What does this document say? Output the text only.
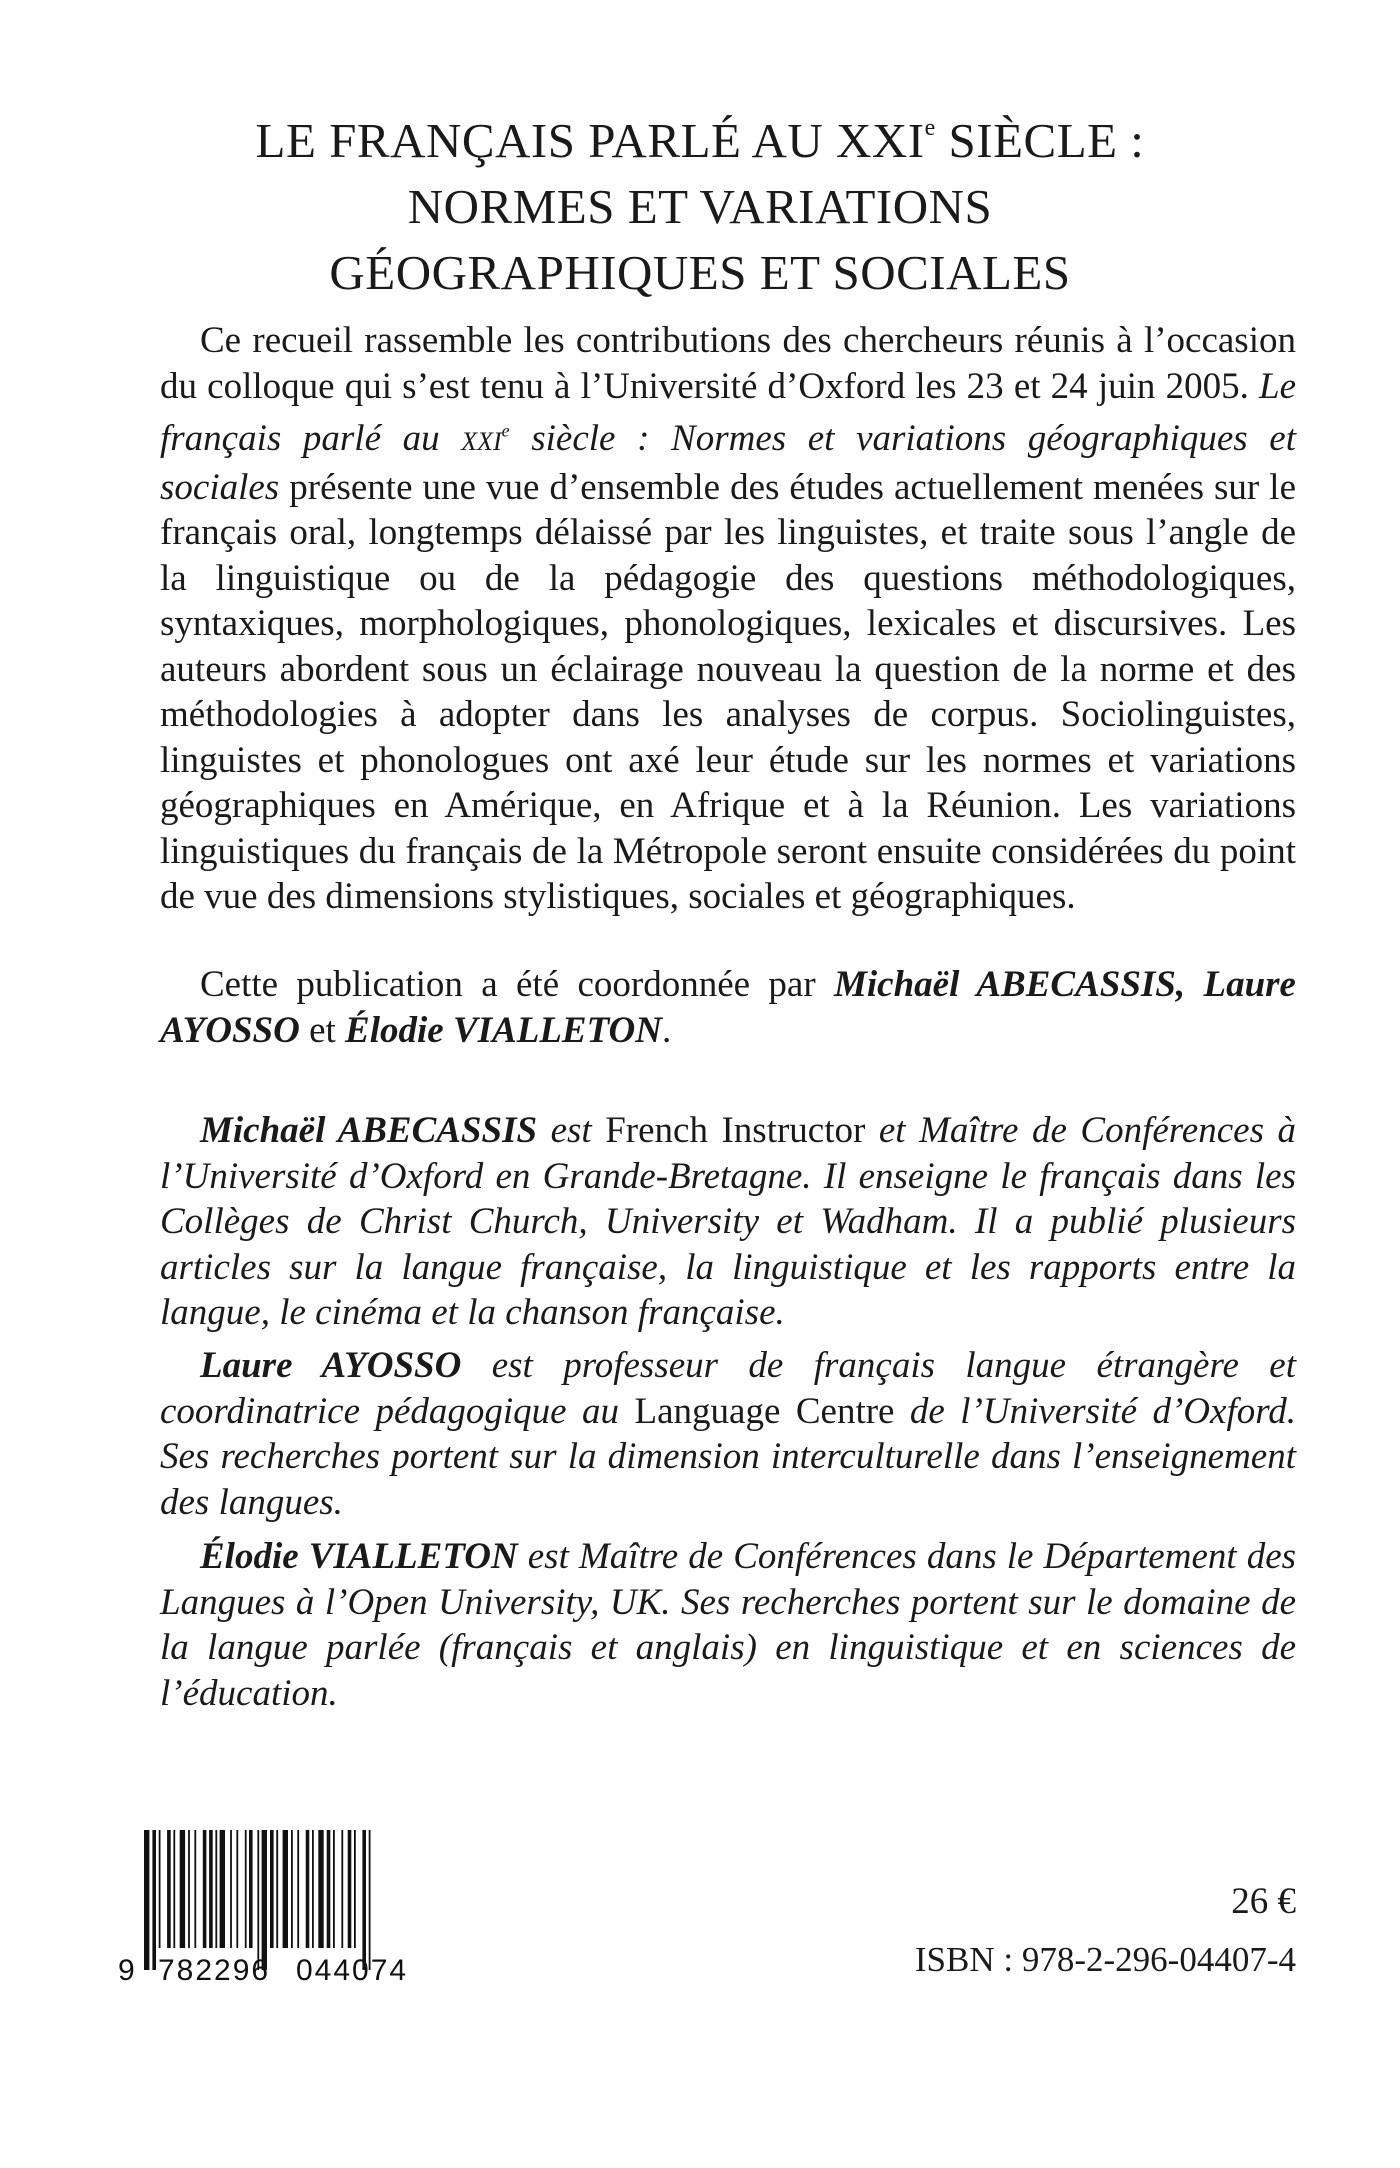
LE FRANÇAIS PARLÉ AU XXIe SIÈCLE :
NORMES ET VARIATIONS
GÉOGRAPHIQUES ET SOCIALES
Ce recueil rassemble les contributions des chercheurs réunis à l’occasion du colloque qui s’est tenu à l’Université d’Oxford les 23 et 24 juin 2005. Le français parlé au XXIe siècle : Normes et variations géographiques et sociales présente une vue d’ensemble des études actuellement menées sur le français oral, longtemps délaissé par les linguistes, et traite sous l’angle de la linguistique ou de la pédagogie des questions méthodologiques, syntaxiques, morphologiques, phonologiques, lexicales et discursives. Les auteurs abordent sous un éclairage nouveau la question de la norme et des méthodologies à adopter dans les analyses de corpus. Sociolinguistes, linguistes et phonologues ont axé leur étude sur les normes et variations géographiques en Amérique, en Afrique et à la Réunion. Les variations linguistiques du français de la Métropole seront ensuite considérées du point de vue des dimensions stylistiques, sociales et géographiques.
Cette publication a été coordonnée par Michaël ABECASSIS, Laure AYOSSO et Élodie VIALLETON.
Michaël ABECASSIS est French Instructor et Maître de Conférences à l’Université d’Oxford en Grande-Bretagne. Il enseigne le français dans les Collèges de Christ Church, University et Wadham. Il a publié plusieurs articles sur la langue française, la linguistique et les rapports entre la langue, le cinéma et la chanson française.
Laure AYOSSO est professeur de français langue étrangère et coordinatrice pédagogique au Language Centre de l’Université d’Oxford. Ses recherches portent sur la dimension interculturelle dans l’enseignement des langues.
Élodie VIALLETON est Maître de Conférences dans le Département des Langues à l’Open University, UK. Ses recherches portent sur le domaine de la langue parlée (français et anglais) en linguistique et en sciences de l’éducation.
9 782296 044074
26 €
ISBN : 978-2-296-04407-4
